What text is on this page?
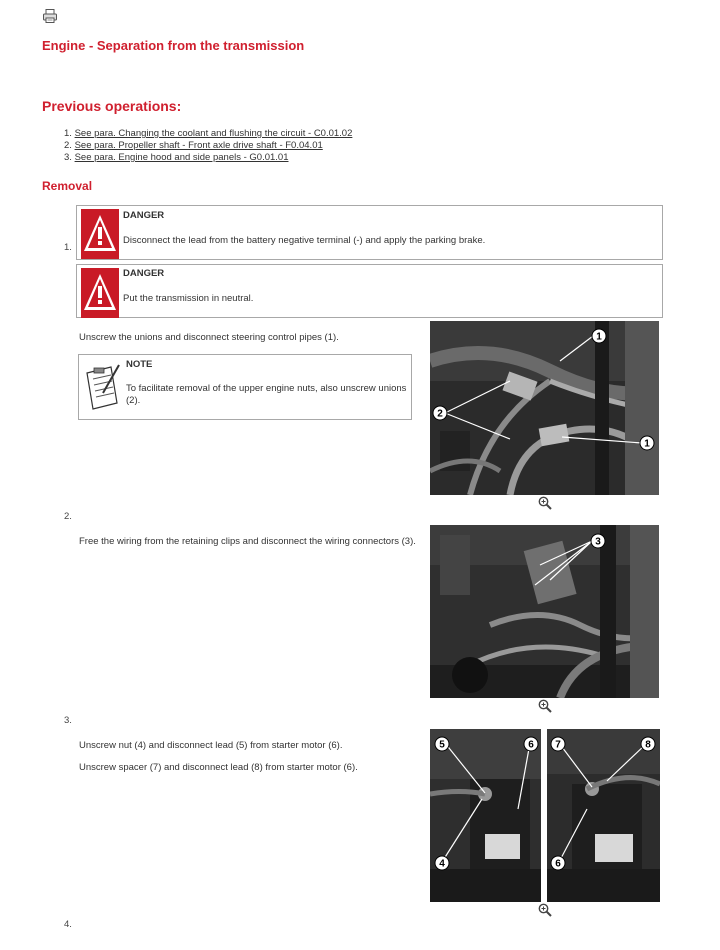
Engine - Separation from the transmission
Previous operations:
1. See para. Changing the coolant and flushing the circuit - C0.01.02
2. See para. Propeller shaft - Front axle drive shaft - F0.04.01
3. See para. Engine hood and side panels - G0.01.01
Removal
1.
DANGER
Disconnect the lead from the battery negative terminal (-) and apply the parking brake.
DANGER
Put the transmission in neutral.
Unscrew the unions and disconnect steering control pipes (1).
NOTE
To facilitate removal of the upper engine nuts, also unscrew unions (2).
1
2
1
2.
Free the wiring from the retaining clips and disconnect the wiring connectors (3).	3
3.
Unscrew nut (4) and disconnect lead (5) from starter motor (6).
Unscrew spacer (7) and disconnect lead (8) from starter motor (6).
5	6
4
7	8
6
4.
